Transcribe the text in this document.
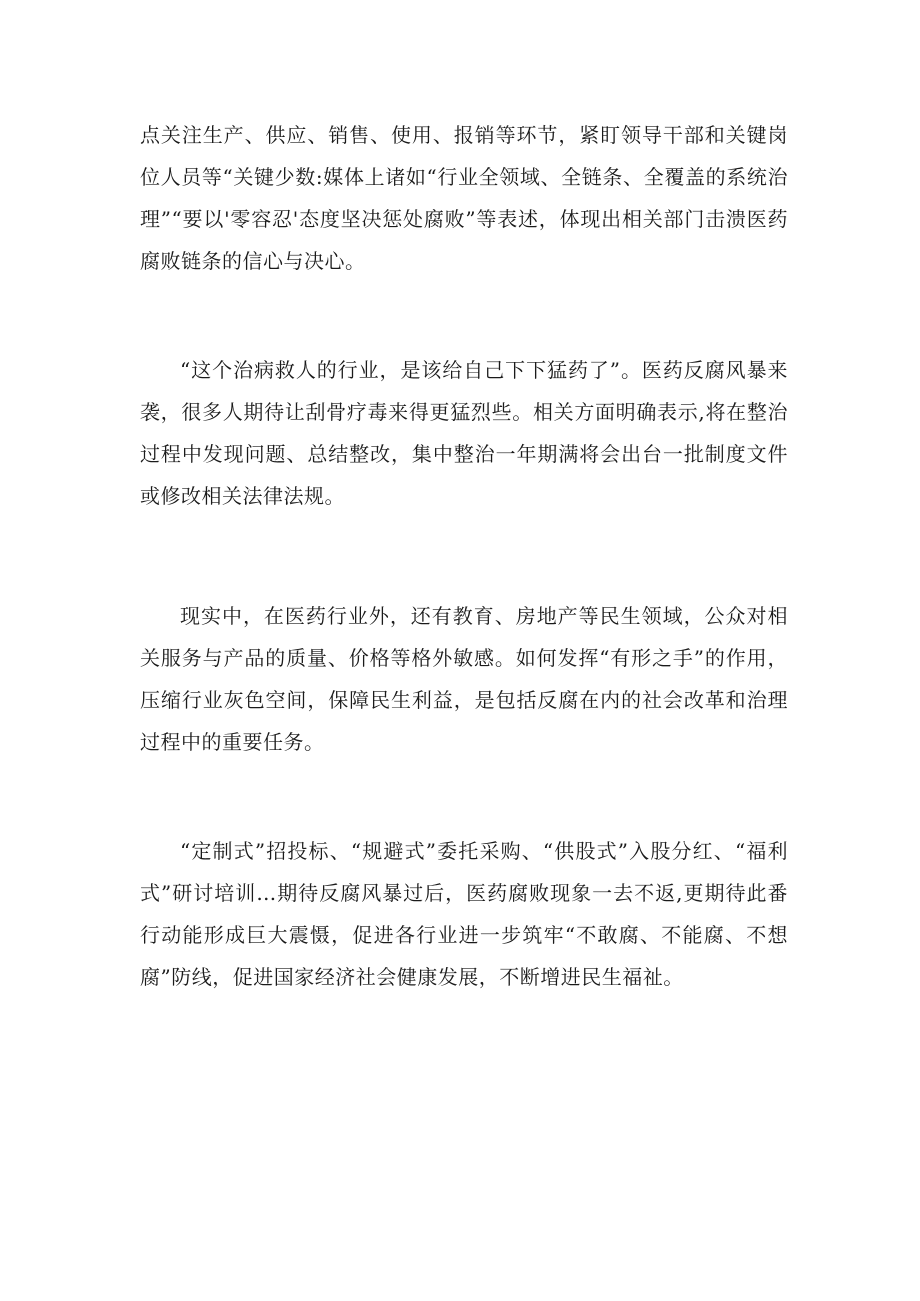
点关注生产、供应、销售、使用、报销等环节，紧盯领导干部和关键岗位人员等“关键少数:媒体上诸如“行业全领域、全链条、全覆盖的系统治理”“要以'零容忍'态度坚决惩处腐败”等表述，体现出相关部门击溃医药腐败链条的信心与决心。

“这个治病救人的行业，是该给自己下下猛药了”。医药反腐风暴来袭，很多人期待让刮骨疗毒来得更猛烈些。相关方面明确表示,将在整治过程中发现问题、总结整改，集中整治一年期满将会出台一批制度文件或修改相关法律法规。

现实中，在医药行业外，还有教育、房地产等民生领域，公众对相关服务与产品的质量、价格等格外敏感。如何发挥“有形之手”的作用，压缩行业灰色空间，保障民生利益，是包括反腐在内的社会改革和治理过程中的重要任务。

“定制式”招投标、“规避式”委托采购、“供股式”入股分红、“福利式”研讨培训…期待反腐风暴过后，医药腐败现象一去不返,更期待此番行动能形成巨大震慑，促进各行业进一步筑牢“不敢腐、不能腐、不想腐”防线，促进国家经济社会健康发展，不断增进民生福祉。
